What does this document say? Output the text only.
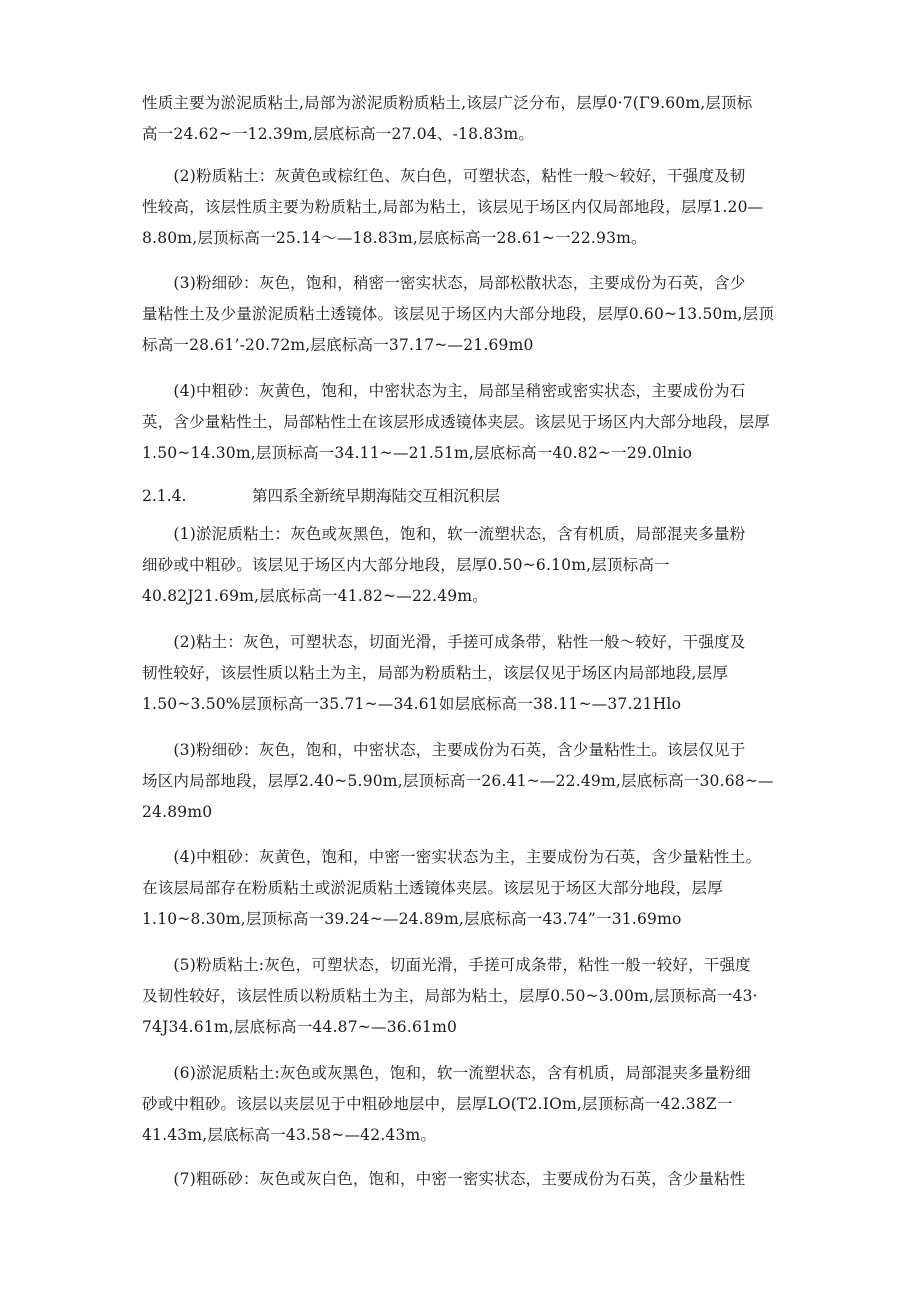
性质主要为淤泥质粘土,局部为淤泥质粉质粘土,该层广泛分布，层厚0·7(Γ9.60m,层顶标
高一24.62~一12.39m,层底标高一27.04、-18.83m。
　　(2)粉质粘土：灰黄色或棕红色、灰白色，可塑状态，粘性一般～较好，干强度及韧
性较高，该层性质主要为粉质粘土,局部为粘土，该层见于场区内仅局部地段，层厚1.20—
8.80m,层顶标高一25.14～—18.83m,层底标高一28.61~一22.93m。
　　(3)粉细砂：灰色，饱和，稍密一密实状态，局部松散状态，主要成份为石英，含少
量粘性土及少量淤泥质粘土透镜体。该层见于场区内大部分地段，层厚0.60~13.50m,层顶
标高一28.61’-20.72m,层底标高一37.17~—21.69m0
　　(4)中粗砂：灰黄色，饱和，中密状态为主，局部呈稍密或密实状态，主要成份为石
英，含少量粘性土，局部粘性土在该层形成透镜体夹层。该层见于场区内大部分地段，层厚
1.50~14.30m,层顶标高一34.11~—21.51m,层底标高一40.82~一29.0lnio
2.1.4.	第四系全新统早期海陆交互相沉积层
　　(1)淤泥质粘土：灰色或灰黑色，饱和，软一流塑状态，含有机质，局部混夹多量粉
细砂或中粗砂。该层见于场区内大部分地段，层厚0.50~6.10m,层顶标高一
40.82J21.69m,层底标高一41.82~—22.49m。
　　(2)粘土：灰色，可塑状态，切面光滑，手搓可成条带，粘性一般～较好，干强度及
韧性较好，该层性质以粘土为主，局部为粉质粘土，该层仅见于场区内局部地段,层厚
1.50~3.50%层顶标高一35.71~—34.61如层底标高一38.11~—37.21Hlo
　　(3)粉细砂：灰色，饱和，中密状态，主要成份为石英，含少量粘性土。该层仅见于
场区内局部地段，层厚2.40~5.90m,层顶标高一26.41~—22.49m,层底标高一30.68~—
24.89m0
　　(4)中粗砂：灰黄色，饱和，中密一密实状态为主，主要成份为石英，含少量粘性土。
在该层局部存在粉质粘土或淤泥质粘土透镜体夹层。该层见于场区大部分地段，层厚
1.10~8.30m,层顶标高一39.24~—24.89m,层底标高一43.74”一31.69mo
　　(5)粉质粘土:灰色，可塑状态，切面光滑，手搓可成条带，粘性一般一较好，干强度
及韧性较好，该层性质以粉质粘土为主，局部为粘土，层厚0.50~3.00m,层顶标高一43·
74J34.61m,层底标高一44.87~—36.61m0
　　(6)淤泥质粘土:灰色或灰黑色，饱和，软一流塑状态，含有机质，局部混夹多量粉细
砂或中粗砂。该层以夹层见于中粗砂地层中，层厚LO(T2.IOm,层顶标高一42.38Z一
41.43m,层底标高一43.58~—42.43m。
　　(7)粗砾砂：灰色或灰白色，饱和，中密一密实状态，主要成份为石英，含少量粘性
